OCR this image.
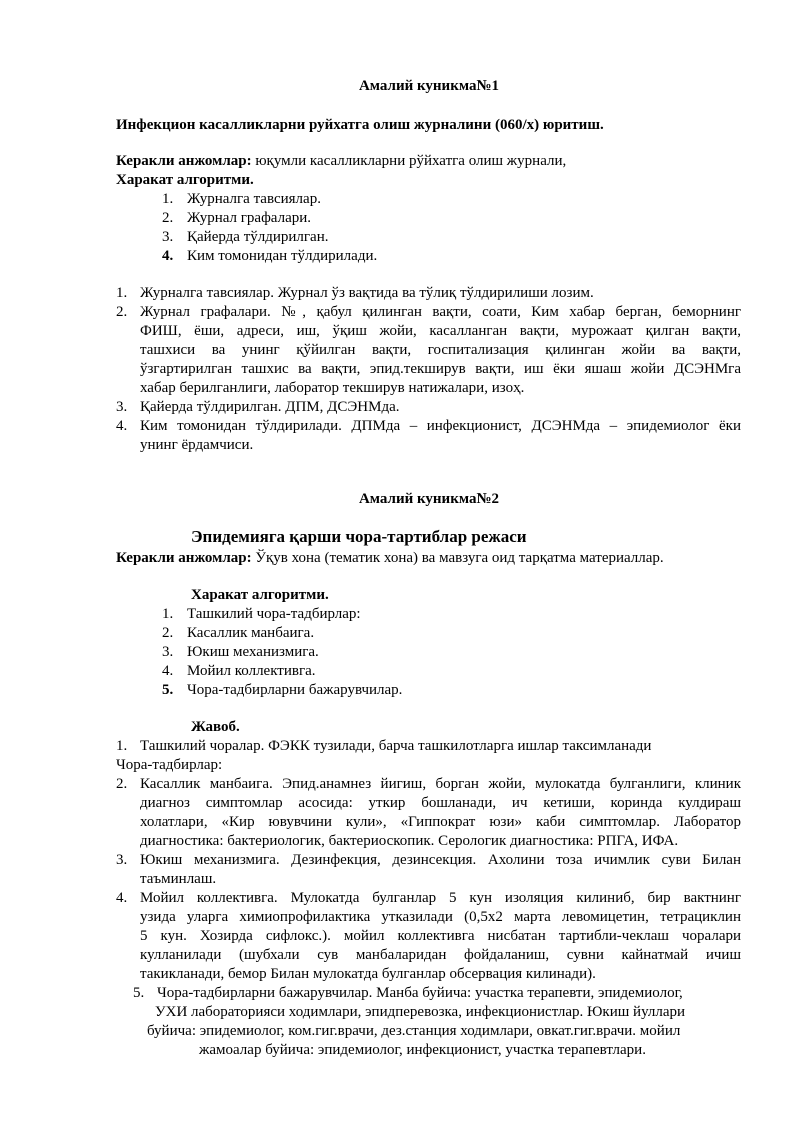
Амалий куникма№1
Инфекцион касалликларни руйхатга олиш журналини (060/х) юритиш.
Керакли анжомлар: юқумли касалликларни рўйхатга олиш журнали,
Харакат алгоритми.
1. Журналга тавсиялар.
2. Журнал графалари.
3. Қайерда тўлдирилган.
4. Ким томонидан тўлдирилади.
1. Журналга тавсиялар. Журнал ўз вақтида ва тўлиқ тўлдирилиши лозим.
2. Журнал графалари. №, қабул қилинган вақти, соати, Ким хабар берган, беморнинг
ФИШ, ёши, адреси, иш, ўқиш жойи, касалланган вақти, мурожаат қилган вақти,
ташхиси ва унинг қўйилган вақти, госпитализация қилинган жойи ва вақти,
ўзгартирилган ташхис ва вақти, эпид.текширув вақти, иш ёки яшаш жойи ДСЭНМга
хабар берилганлиги, лаборатор текширув натижалари, изоҳ.
3. Қайерда тўлдирилган. ДПМ, ДСЭНМда.
4. Ким томонидан тўлдирилади. ДПМда – инфекционист, ДСЭНМда – эпидемиолог ёки
унинг ёрдамчиси.
Амалий куникма№2
Эпидемияга қарши чора-тартиблар режаси
Керакли анжомлар: Ўқув хона (тематик хона) ва мавзуга оид тарқатма материаллар.
Харакат алгоритми.
1. Ташкилий чора-тадбирлар:
2. Касаллик манбаига.
3. Юкиш механизмига.
4. Мойил коллективга.
5. Чора-тадбирларни бажарувчилар.
Жавоб.
1. Ташкилий чоралар. ФЭКК тузилади, барча ташкилотларга ишлар таксимланади
Чора-тадбирлар:
2. Касаллик манбаига. Эпид.анамнез йигиш, борган жойи, мулокатда булганлиги, клиник
диагноз симптомлар асосида: уткир бошланади, ич кетиши, коринда кулдираш
холатлари, «Кир ювувчини кули», «Гиппократ юзи» каби симптомлар. Лаборатор
диагностика: бактериологик, бактериоскопик. Серологик диагностика: РПГА, ИФА.
3. Юкиш механизмига. Дезинфекция, дезинсекция. Ахолини тоза ичимлик суви Билан
таъминлаш.
4. Мойил коллективга. Мулокатда булганлар 5 кун изоляция килиниб, бир вактнинг
узида уларга химиопрофилактика утказилади (0,5х2 марта левомицетин, тетрациклин
5 кун. Хозирда сифлокс.). мойил коллективга нисбатан тартибли-чеклаш чоралари
кулланилади (шубхали сув манбаларидан фойдаланиш, сувни кайнатмай ичиш
такикланади, бемор Билан мулокатда булганлар обсервация килинади).
5. Чора-тадбирларни бажарувчилар. Манба буйича: участка терапевти, эпидемиолог,
УХИ лабораторияси ходимлари, эпидперевозка, инфекционистлар. Юкиш йуллари
буйича: эпидемиолог, ком.гиг.врачи, дез.станция ходимлари, овкат.гиг.врачи. мойил
жамоалар буйича: эпидемиолог, инфекционист, участка терапевтлари.
